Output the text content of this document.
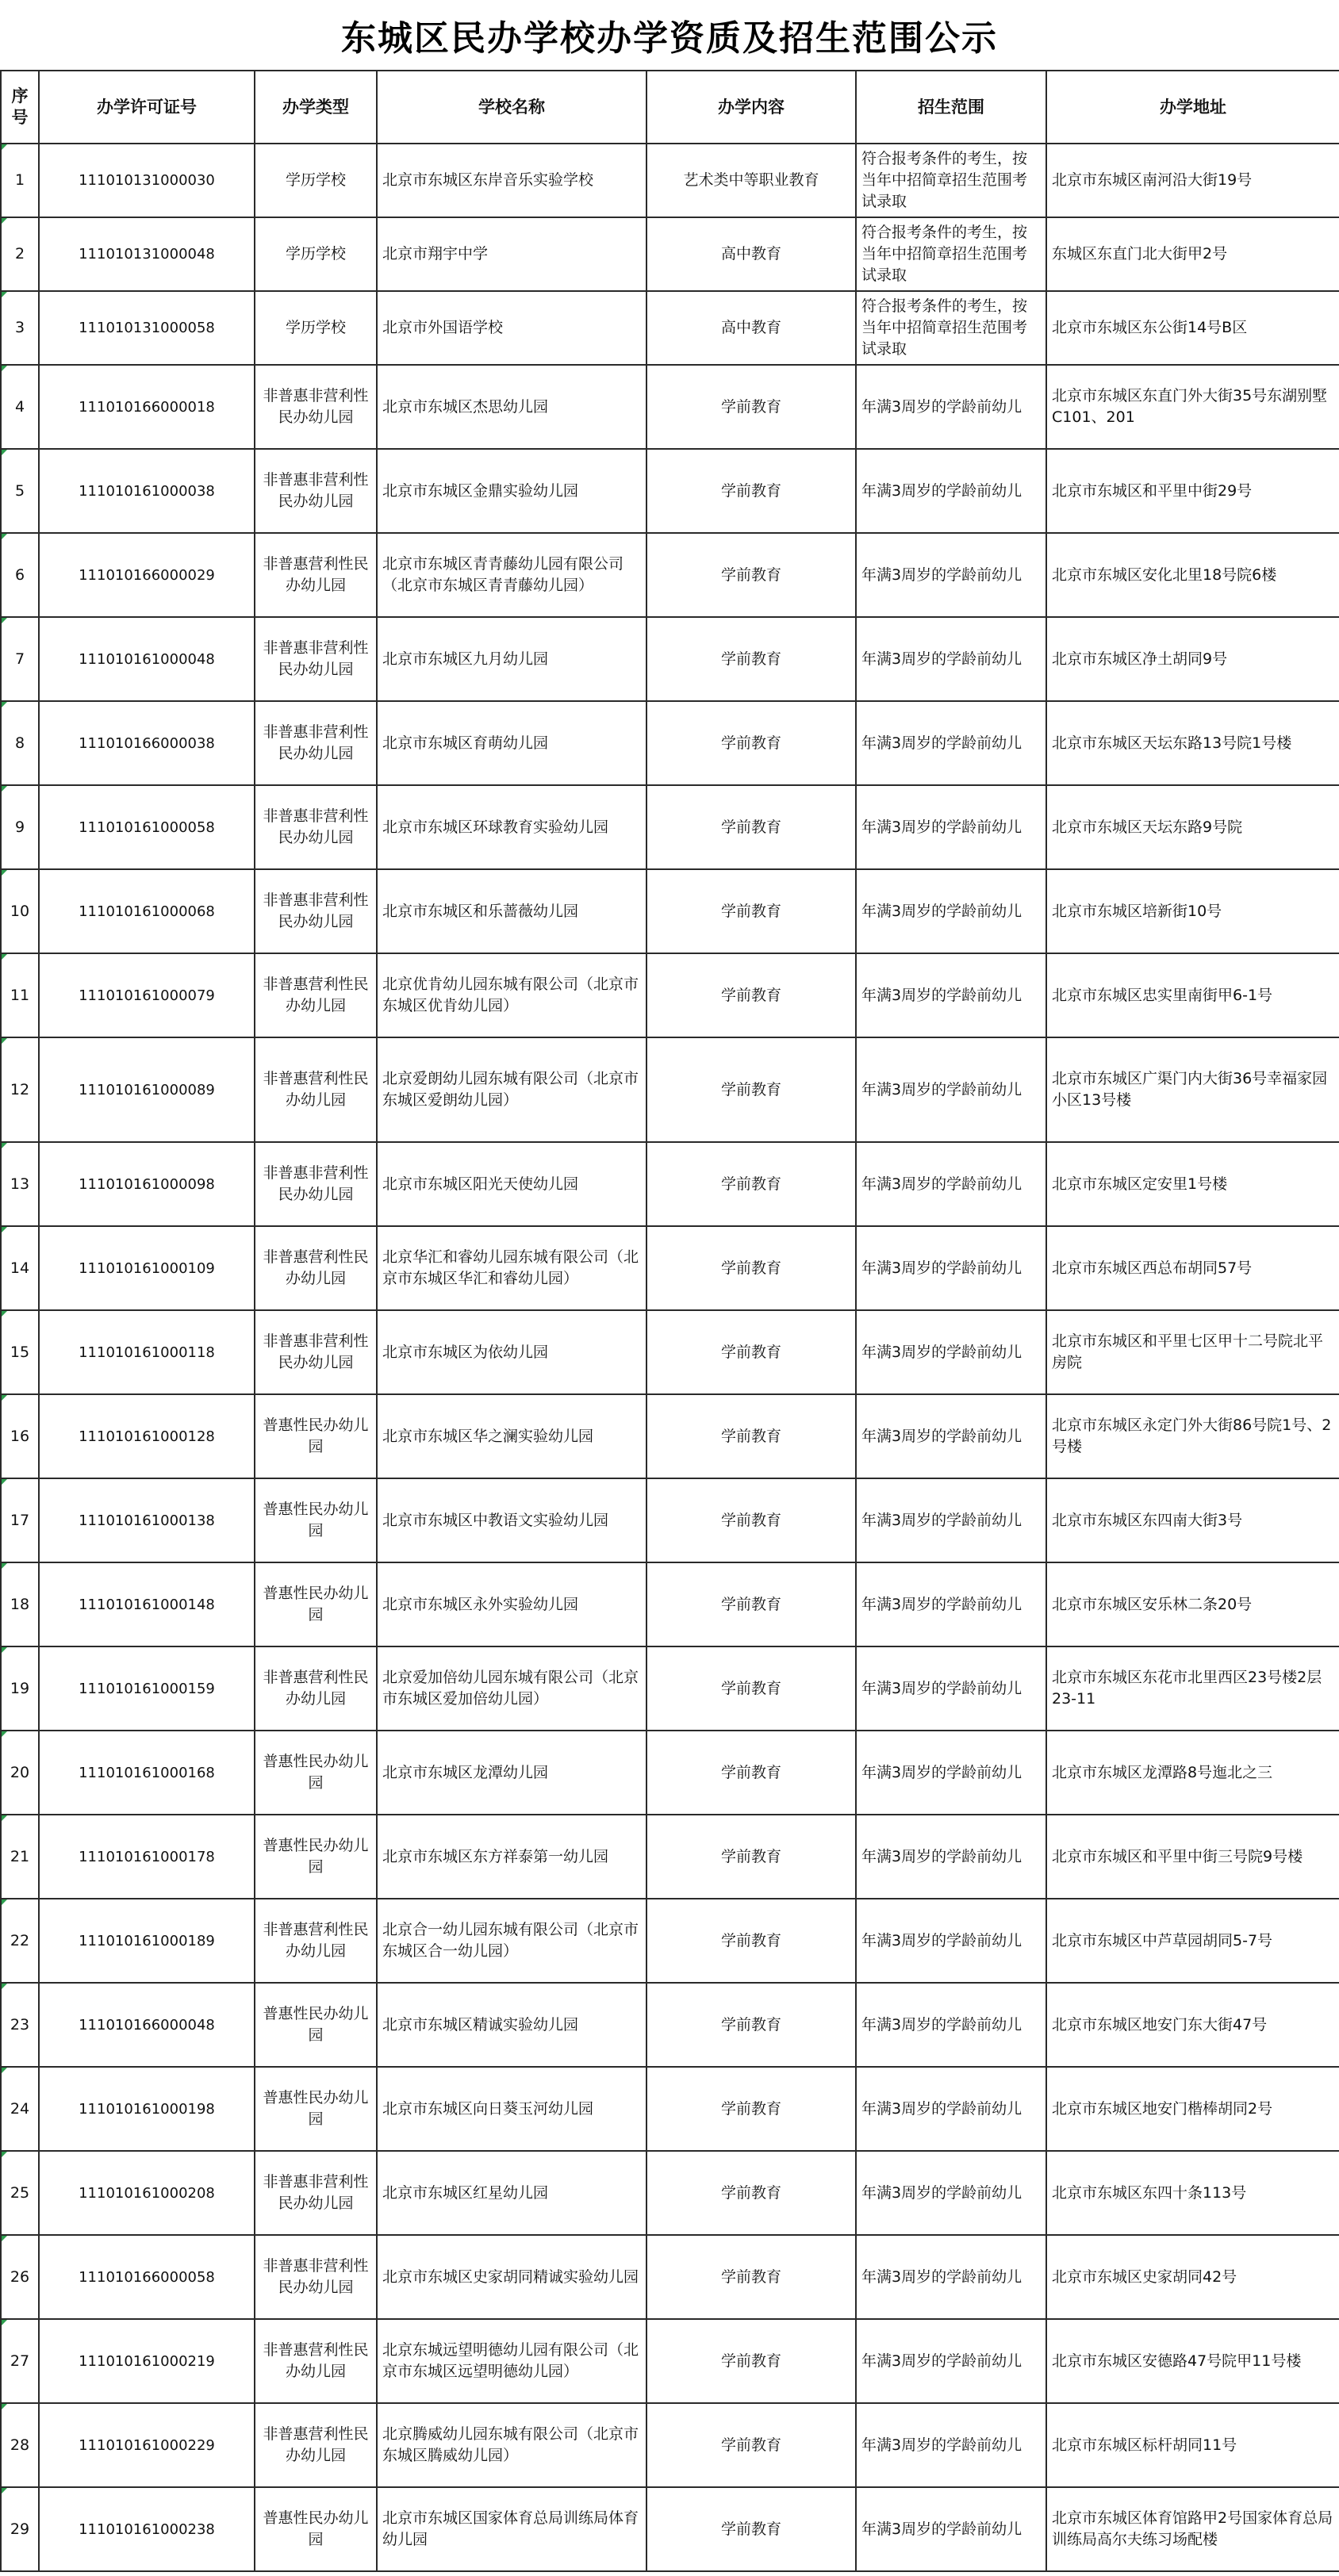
东城区民办学校办学资质及招生范围公示
序号	办学许可证号	办学类型	学校名称	办学内容	招生范围	办学地址
1	111010131000030	学历学校	北京市东城区东岸音乐实验学校	艺术类中等职业教育	符合报考条件的考生，按当年中招简章招生范围考试录取	北京市东城区南河沿大街19号
2	111010131000048	学历学校	北京市翔宇中学	高中教育	符合报考条件的考生，按当年中招简章招生范围考试录取	东城区东直门北大街甲2号
3	111010131000058	学历学校	北京市外国语学校	高中教育	符合报考条件的考生，按当年中招简章招生范围考试录取	北京市东城区东公街14号B区
4	111010166000018	非普惠非营利性
民办幼儿园	北京市东城区杰思幼儿园	学前教育	年满3周岁的学龄前幼儿	北京市东城区东直门外大街35号东湖别墅C101、201
5	111010161000038	非普惠非营利性
民办幼儿园	北京市东城区金鼎实验幼儿园	学前教育	年满3周岁的学龄前幼儿	北京市东城区和平里中街29号
6	111010166000029	非普惠营利性民办幼儿园	北京市东城区青青藤幼儿园有限公司（北京市东城区青青藤幼儿园）	学前教育	年满3周岁的学龄前幼儿	北京市东城区安化北里18号院6楼
7	111010161000048	非普惠非营利性
民办幼儿园	北京市东城区九月幼儿园	学前教育	年满3周岁的学龄前幼儿	北京市东城区净土胡同9号
8	111010166000038	非普惠非营利性
民办幼儿园	北京市东城区育萌幼儿园	学前教育	年满3周岁的学龄前幼儿	北京市东城区天坛东路13号院1号楼
9	111010161000058	非普惠非营利性
民办幼儿园	北京市东城区环球教育实验幼儿园	学前教育	年满3周岁的学龄前幼儿	北京市东城区天坛东路9号院
10	111010161000068	非普惠非营利性
民办幼儿园	北京市东城区和乐蔷薇幼儿园	学前教育	年满3周岁的学龄前幼儿	北京市东城区培新街10号
11	111010161000079	非普惠营利性民办幼儿园	北京优肯幼儿园东城有限公司（北京市东城区优肯幼儿园）	学前教育	年满3周岁的学龄前幼儿	北京市东城区忠实里南街甲6-1号
12	111010161000089	非普惠营利性民办幼儿园	北京爱朗幼儿园东城有限公司（北京市东城区爱朗幼儿园）	学前教育	年满3周岁的学龄前幼儿	北京市东城区广渠门内大街36号幸福家园小区13号楼
13	111010161000098	非普惠非营利性
民办幼儿园	北京市东城区阳光天使幼儿园	学前教育	年满3周岁的学龄前幼儿	北京市东城区定安里1号楼
14	111010161000109	非普惠营利性民办幼儿园	北京华汇和睿幼儿园东城有限公司（北京市东城区华汇和睿幼儿园）	学前教育	年满3周岁的学龄前幼儿	北京市东城区西总布胡同57号
15	111010161000118	非普惠非营利性
民办幼儿园	北京市东城区为依幼儿园	学前教育	年满3周岁的学龄前幼儿	北京市东城区和平里七区甲十二号院北平房院
16	111010161000128	普惠性民办幼儿园	北京市东城区华之澜实验幼儿园	学前教育	年满3周岁的学龄前幼儿	北京市东城区永定门外大街86号院1号、2号楼
17	111010161000138	普惠性民办幼儿园	北京市东城区中教语文实验幼儿园	学前教育	年满3周岁的学龄前幼儿	北京市东城区东四南大街3号
18	111010161000148	普惠性民办幼儿园	北京市东城区永外实验幼儿园	学前教育	年满3周岁的学龄前幼儿	北京市东城区安乐林二条20号
19	111010161000159	非普惠营利性民办幼儿园	北京爱加倍幼儿园东城有限公司（北京市东城区爱加倍幼儿园）	学前教育	年满3周岁的学龄前幼儿	北京市东城区东花市北里西区23号楼2层23-11
20	111010161000168	普惠性民办幼儿园	北京市东城区龙潭幼儿园	学前教育	年满3周岁的学龄前幼儿	北京市东城区龙潭路8号迤北之三
21	111010161000178	普惠性民办幼儿园	北京市东城区东方祥泰第一幼儿园	学前教育	年满3周岁的学龄前幼儿	北京市东城区和平里中街三号院9号楼
22	111010161000189	非普惠营利性民办幼儿园	北京合一幼儿园东城有限公司（北京市东城区合一幼儿园）	学前教育	年满3周岁的学龄前幼儿	北京市东城区中芦草园胡同5-7号
23	111010166000048	普惠性民办幼儿园	北京市东城区精诚实验幼儿园	学前教育	年满3周岁的学龄前幼儿	北京市东城区地安门东大街47号
24	111010161000198	普惠性民办幼儿园	北京市东城区向日葵玉河幼儿园	学前教育	年满3周岁的学龄前幼儿	北京市东城区地安门楷棒胡同2号
25	111010161000208	非普惠非营利性
民办幼儿园	北京市东城区红星幼儿园	学前教育	年满3周岁的学龄前幼儿	北京市东城区东四十条113号
26	111010166000058	非普惠非营利性
民办幼儿园	北京市东城区史家胡同精诚实验幼儿园	学前教育	年满3周岁的学龄前幼儿	北京市东城区史家胡同42号
27	111010161000219	非普惠营利性民办幼儿园	北京东城远望明德幼儿园有限公司（北京市东城区远望明德幼儿园）	学前教育	年满3周岁的学龄前幼儿	北京市东城区安德路47号院甲11号楼
28	111010161000229	非普惠营利性民办幼儿园	北京腾威幼儿园东城有限公司（北京市东城区腾威幼儿园）	学前教育	年满3周岁的学龄前幼儿	北京市东城区标杆胡同11号
29	111010161000238	普惠性民办幼儿园	北京市东城区国家体育总局训练局体育幼儿园	学前教育	年满3周岁的学龄前幼儿	北京市东城区体育馆路甲2号国家体育总局训练局高尔夫练习场配楼
